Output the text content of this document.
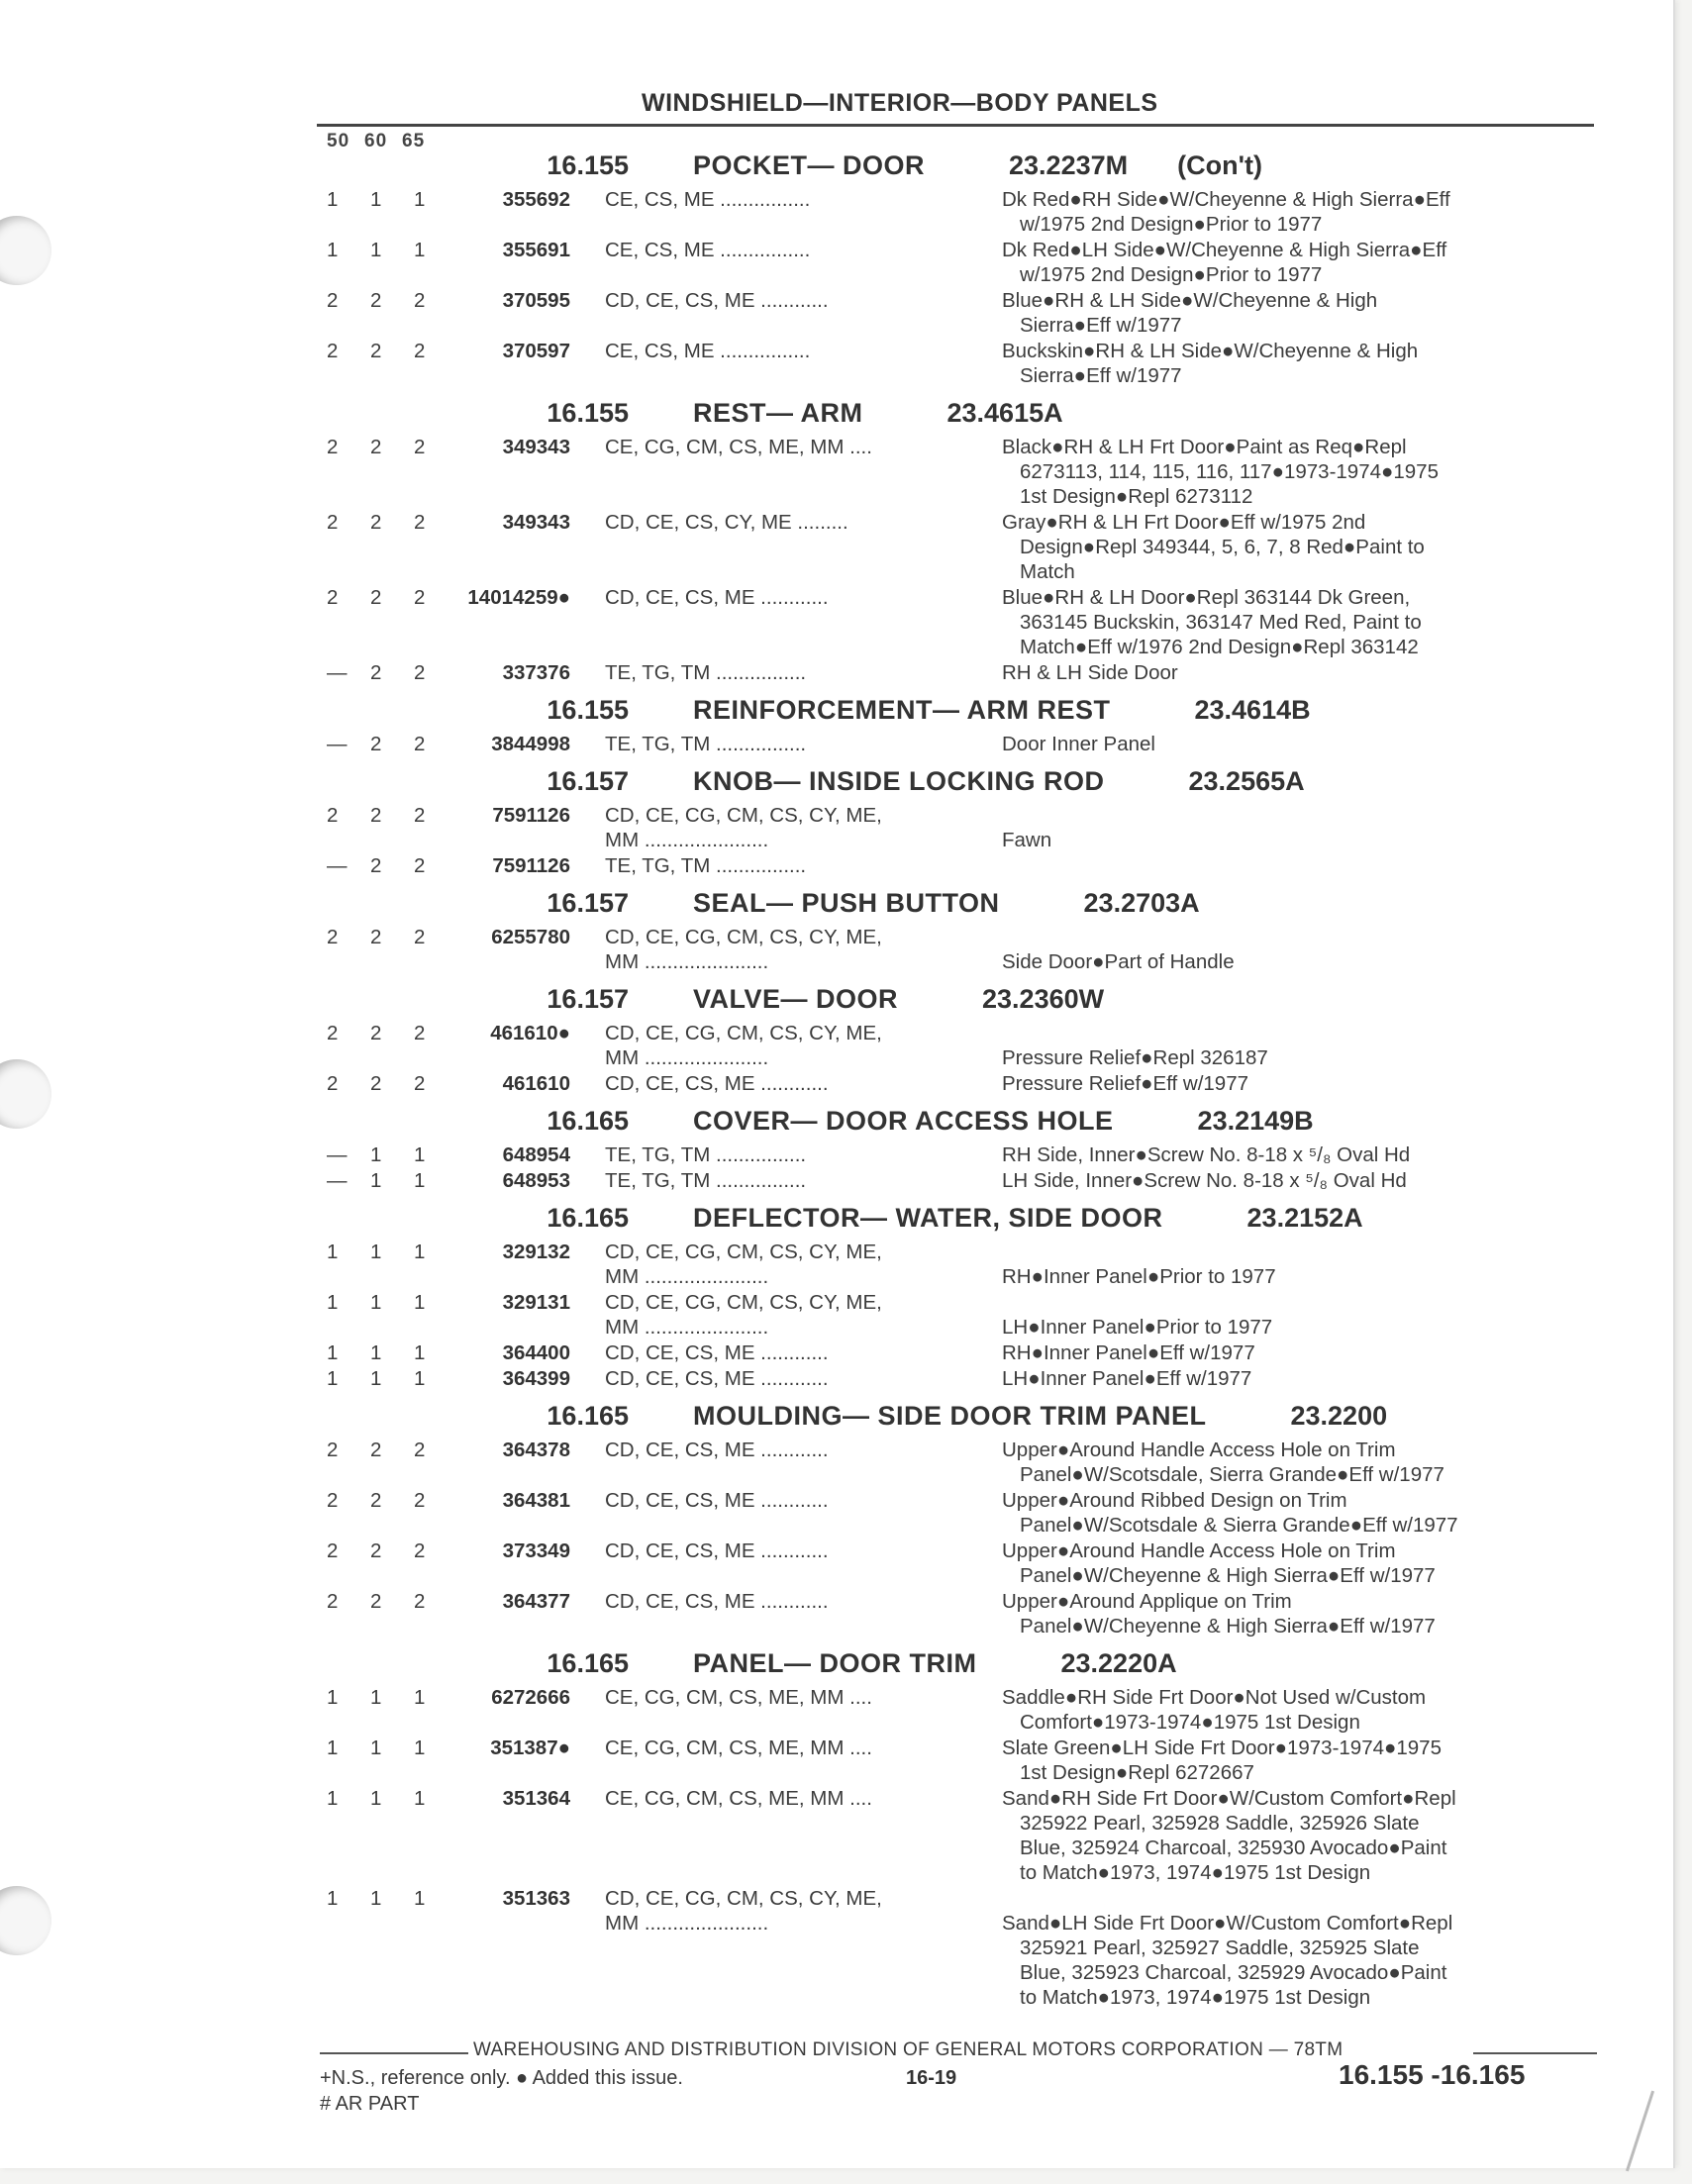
WINDSHIELD—INTERIOR—BODY PANELS
50 60 65
16.155 POCKET— DOOR	23.2237M (Con't)
1	1	1	355692 CE, CS, ME ................	Dk Red●RH Side●W/Cheyenne & High Sierra●Eff
w/1975 2nd Design●Prior to 1977
1	1	1	355691 CE, CS, ME ................	Dk Red●LH Side●W/Cheyenne & High Sierra●Eff
w/1975 2nd Design●Prior to 1977
2	2	2	370595 CD, CE, CS, ME ............	Blue●RH & LH Side●W/Cheyenne & High
Sierra●Eff w/1977
2	2	2	370597 CE, CS, ME ................	Buckskin●RH & LH Side●W/Cheyenne & High
Sierra●Eff w/1977
16.155 REST— ARM	23.4615A
2	2	2	349343 CE, CG, CM, CS, ME, MM ....	Black●RH & LH Frt Door●Paint as Req●Repl
6273113, 114, 115, 116, 117●1973-1974●1975
1st Design●Repl 6273112
2	2	2	349343 CD, CE, CS, CY, ME .........	Gray●RH & LH Frt Door●Eff w/1975 2nd
Design●Repl 349344, 5, 6, 7, 8 Red●Paint to
Match
2	2	2	14014259● CD, CE, CS, ME ............	Blue●RH & LH Door●Repl 363144 Dk Green,
363145 Buckskin, 363147 Med Red, Paint to
Match●Eff w/1976 2nd Design●Repl 363142
—	2	2	337376 TE, TG, TM ................	RH & LH Side Door
16.155 REINFORCEMENT— ARM REST	23.4614B
—	2	2	3844998 TE, TG, TM ................	Door Inner Panel
16.157 KNOB— INSIDE LOCKING ROD	23.2565A
2	2	2	7591126 CD, CE, CG, CM, CS, CY, ME,
MM ......................	Fawn
—	2	2	7591126 TE, TG, TM ................
16.157 SEAL— PUSH BUTTON	23.2703A
2	2	2	6255780 CD, CE, CG, CM, CS, CY, ME,
MM ......................	Side Door●Part of Handle
16.157 VALVE— DOOR	23.2360W
2	2	2	461610● CD, CE, CG, CM, CS, CY, ME,
MM ......................	Pressure Relief●Repl 326187
2	2	2	461610 CD, CE, CS, ME ............	Pressure Relief●Eff w/1977
16.165 COVER— DOOR ACCESS HOLE	23.2149B
—	1	1	648954 TE, TG, TM ................	RH Side, Inner●Screw No. 8-18 x ⁵/₈ Oval Hd
—	1	1	648953 TE, TG, TM ................	LH Side, Inner●Screw No. 8-18 x ⁵/₈ Oval Hd
16.165 DEFLECTOR— WATER, SIDE DOOR	23.2152A
1	1	1	329132 CD, CE, CG, CM, CS, CY, ME,
MM ......................	RH●Inner Panel●Prior to 1977
1	1	1	329131 CD, CE, CG, CM, CS, CY, ME,
MM ......................	LH●Inner Panel●Prior to 1977
1	1	1	364400 CD, CE, CS, ME ............	RH●Inner Panel●Eff w/1977
1	1	1	364399 CD, CE, CS, ME ............	LH●Inner Panel●Eff w/1977
16.165 MOULDING— SIDE DOOR TRIM PANEL	23.2200
2	2	2	364378 CD, CE, CS, ME ............	Upper●Around Handle Access Hole on Trim
Panel●W/Scotsdale, Sierra Grande●Eff w/1977
2	2	2	364381 CD, CE, CS, ME ............	Upper●Around Ribbed Design on Trim
Panel●W/Scotsdale & Sierra Grande●Eff w/1977
2	2	2	373349 CD, CE, CS, ME ............	Upper●Around Handle Access Hole on Trim
Panel●W/Cheyenne & High Sierra●Eff w/1977
2	2	2	364377 CD, CE, CS, ME ............	Upper●Around Applique on Trim
Panel●W/Cheyenne & High Sierra●Eff w/1977
16.165 PANEL— DOOR TRIM	23.2220A
1	1	1	6272666 CE, CG, CM, CS, ME, MM ....	Saddle●RH Side Frt Door●Not Used w/Custom
Comfort●1973-1974●1975 1st Design
1	1	1	351387● CE, CG, CM, CS, ME, MM ....	Slate Green●LH Side Frt Door●1973-1974●1975
1st Design●Repl 6272667
1	1	1	351364 CE, CG, CM, CS, ME, MM ....	Sand●RH Side Frt Door●W/Custom Comfort●Repl
325922 Pearl, 325928 Saddle, 325926 Slate
Blue, 325924 Charcoal, 325930 Avocado●Paint
to Match●1973, 1974●1975 1st Design
1	1	1	351363 CD, CE, CG, CM, CS, CY, ME,
MM ......................	Sand●LH Side Frt Door●W/Custom Comfort●Repl
325921 Pearl, 325927 Saddle, 325925 Slate
Blue, 325923 Charcoal, 325929 Avocado●Paint
to Match●1973, 1974●1975 1st Design
WAREHOUSING AND DISTRIBUTION DIVISION OF GENERAL MOTORS CORPORATION — 78TM
+N.S., reference only. ● Added this issue.
# AR PART
16-19	16.155 -16.165
